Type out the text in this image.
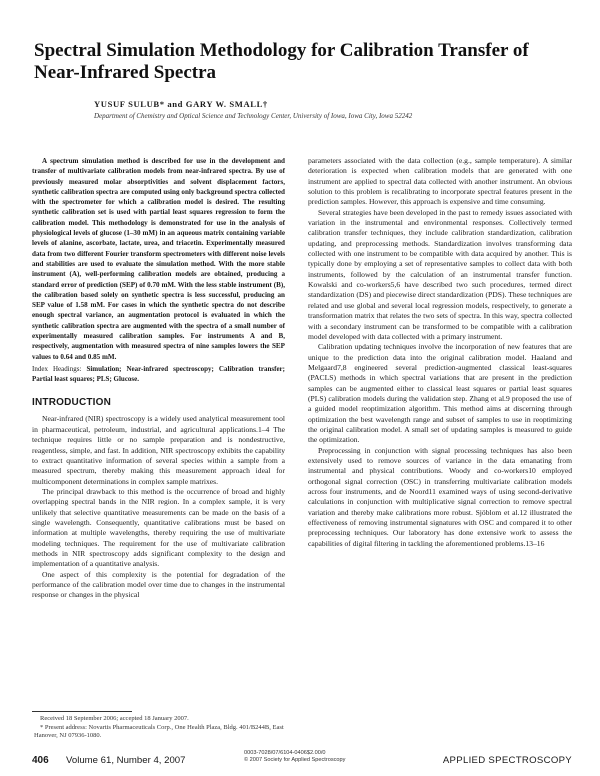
Spectral Simulation Methodology for Calibration Transfer of Near-Infrared Spectra
YUSUF SULUB* and GARY W. SMALL†
Department of Chemistry and Optical Science and Technology Center, University of Iowa, Iowa City, Iowa 52242

A spectrum simulation method is described for use in the development and transfer of multivariate calibration models from near-infrared spectra. By use of previously measured molar absorptivities and solvent displacement factors, synthetic calibration spectra are computed using only background spectra collected with the spectrometer for which a calibration model is desired. The resulting synthetic calibration set is used with partial least squares regression to form the calibration model. This methodology is demonstrated for use in the analysis of physiological levels of glucose (1–30 mM) in an aqueous matrix containing variable levels of alanine, ascorbate, lactate, urea, and triacetin. Experimentally measured data from two different Fourier transform spectrometers with different noise levels and stabilities are used to evaluate the simulation method. With the more stable instrument (A), well-performing calibration models are obtained, producing a standard error of prediction (SEP) of 0.70 mM. With the less stable instrument (B), the calibration based solely on synthetic spectra is less successful, producing an SEP value of 1.58 mM. For cases in which the synthetic spectra do not describe enough spectral variance, an augmentation protocol is evaluated in which the synthetic calibration spectra are augmented with the spectra of a small number of experimentally measured calibration samples. For instruments A and B, respectively, augmentation with measured spectra of nine samples lowers the SEP values to 0.64 and 0.85 mM.

Index Headings: Simulation; Near-infrared spectroscopy; Calibration transfer; Partial least squares; PLS; Glucose.
INTRODUCTION

Near-infrared (NIR) spectroscopy is a widely used analytical measurement tool in pharmaceutical, petroleum, industrial, and agricultural applications.1–4 The technique requires little or no sample preparation and is nondestructive, reagentless, simple, and fast. In addition, NIR spectroscopy exhibits the capability to extract quantitative information of several species within a sample from a measured spectrum, thereby making this measurement approach ideal for multicomponent determinations in complex sample matrixes.

The principal drawback to this method is the occurrence of broad and highly overlapping spectral bands in the NIR region. In a complex sample, it is very unlikely that selective quantitative measurements can be made on the basis of a single wavelength. Consequently, quantitative calibrations must be based on information at multiple wavelengths, thereby requiring the use of multivariate modeling techniques. The requirement for the use of multivariate calibration methods in NIR spectroscopy adds significant complexity to the design and implementation of a quantitative analysis.

One aspect of this complexity is the potential for degradation of the performance of the calibration model over time due to changes in the instrumental response or changes in the physical

parameters associated with the data collection (e.g., sample temperature). A similar deterioration is expected when calibration models that are generated with one instrument are applied to spectral data collected with another instrument. An obvious solution to this problem is recalibrating to incorporate spectral features present in the prediction samples. However, this approach is expensive and time consuming.

Several strategies have been developed in the past to remedy issues associated with variation in the instrumental and environmental responses. Collectively termed calibration transfer techniques, they include calibration standardization, calibration updating, and preprocessing methods. Standardization involves transforming data collected with one instrument to be compatible with data acquired by another. This is typically done by employing a set of representative samples to collect data with both instruments, followed by the calculation of an instrumental transfer function. Kowalski and co-workers5,6 have described two such procedures, termed direct standardization (DS) and piecewise direct standardization (PDS). These techniques are related and use global and several local regression models, respectively, to generate a transformation matrix that relates the two sets of spectra. In this way, spectra collected with a secondary instrument can be transformed to be compatible with a calibration model developed with data collected with a primary instrument.

Calibration updating techniques involve the incorporation of new features that are unique to the prediction data into the original calibration model. Haaland and Melgaard7,8 engineered several prediction-augmented classical least-squares (PACLS) methods in which spectral variations that are present in the prediction samples can be augmented either to classical least squares or partial least squares (PLS) calibration models during the validation step. Zhang et al.9 proposed the use of a guided model reoptimization algorithm. This method aims at discerning through optimization the best wavelength range and subset of samples to use in reoptimizing the original calibration model. A small set of updating samples is measured to guide the optimization.

Preprocessing in conjunction with signal processing techniques has also been extensively used to remove sources of variance in the data emanating from instrumental and physical contributions. Woody and co-workers10 employed orthogonal signal correction (OSC) in transferring multivariate calibration models across four instruments, and de Noord11 examined ways of using second-derivative calculations in conjunction with multiplicative signal correction to remove spectral variation and thereby make calibrations more robust. Sjöblom et al.12 illustrated the effectiveness of removing instrumental signatures with OSC and compared it to other preprocessing techniques. Our laboratory has done extensive work to assess the capabilities of digital filtering in tackling the aforementioned problems.13–16

Received 18 September 2006; accepted 18 January 2007.
* Present address: Novartis Pharmaceuticals Corp., One Health Plaza, Bldg. 401/B244B, East Hanover, NJ 07936-1080.
406 Volume 61, Number 4, 2007
0003-7028/07/6104-0406$2.00/0
© 2007 Society for Applied Spectroscopy	APPLIED SPECTROSCOPY
